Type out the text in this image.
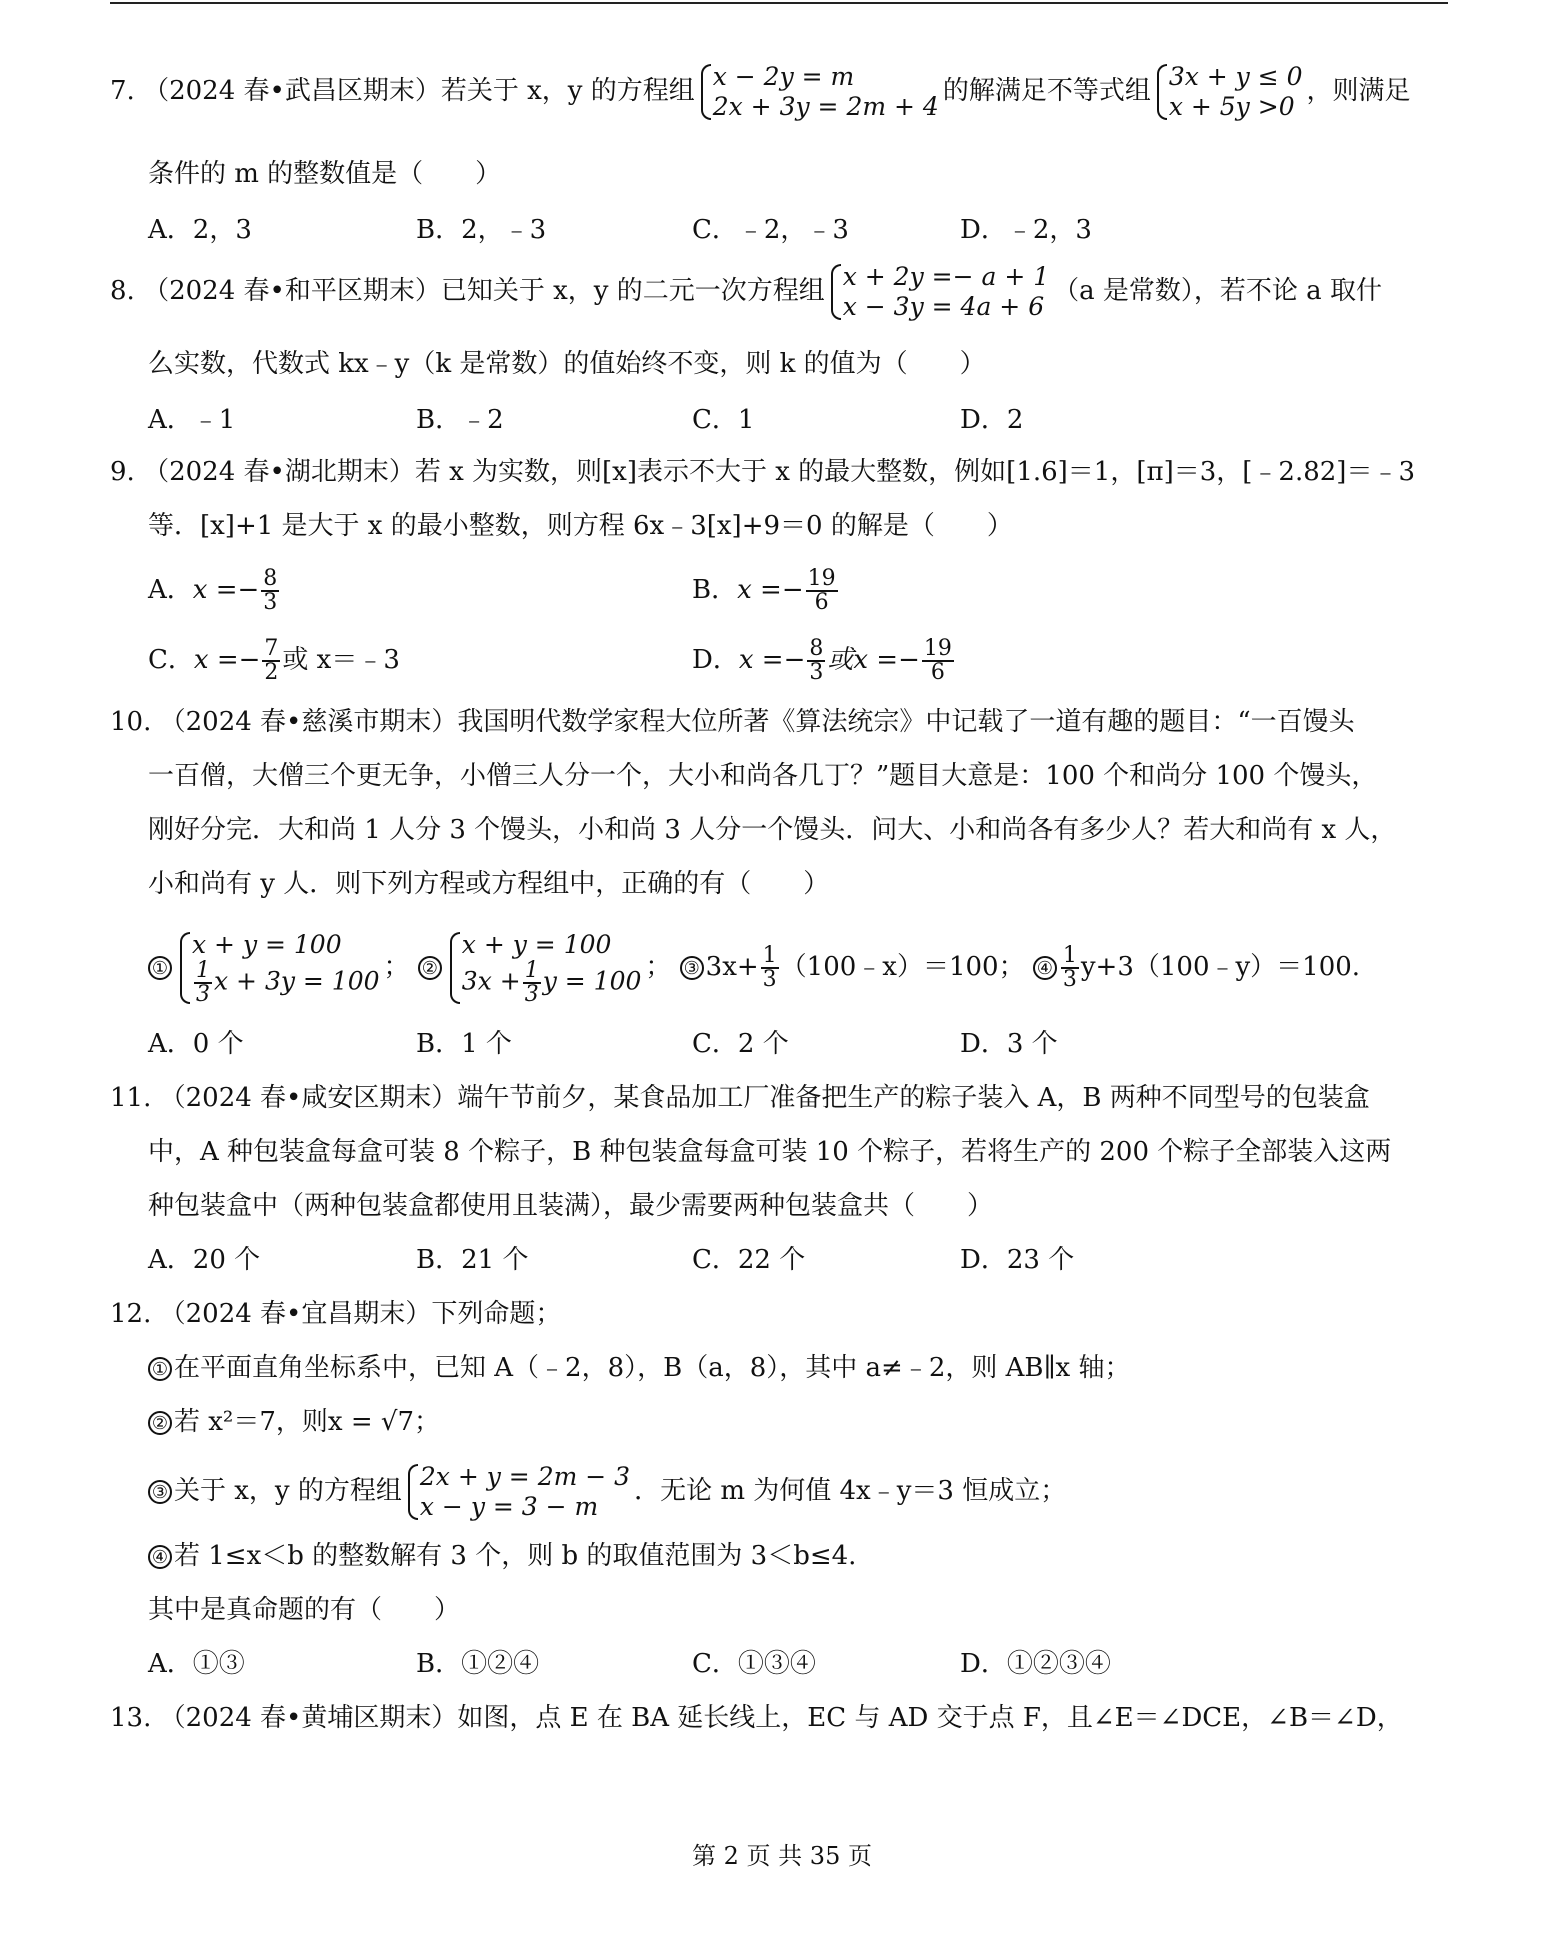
7. （2024 春•武昌区期末）若关于 x，y 的方程组 x − 2y = m
2x + 3y = 2m + 4
的解满足不等式组 3x + y ≤ 0
x + 5y >0
，则满足
条件的 m 的整数值是（　　）
A．2，3	B．2，﹣3	C．﹣2，﹣3	D．﹣2，3
8. （2024 春•和平区期末）已知关于 x，y 的二元一次方程组 x + 2y =− a + 1
x − 3y = 4a + 6
（a 是常数），若不论 a 取什
么实数，代数式 kx﹣y（k 是常数）的值始终不变，则 k 的值为（　　）
A．﹣1	B．﹣2	C．1	D．2
9. （2024 春•湖北期末）若 x 为实数，则[x]表示不大于 x 的最大整数，例如[1.6]＝1，[π]＝3，[﹣2.82]＝﹣3
等．[x]+1 是大于 x 的最小整数，则方程 6x﹣3[x]+9＝0 的解是（　　）
A．$x =- \frac{8}{3}$	B．$x =- \frac{19}{6}$
C．$x =- \frac{7}{2}$ 或 x＝﹣3	D．$x =- \frac{8}{3}$ 或$x =- \frac{19}{6}$
10. （2024 春•慈溪市期末）我国明代数学家程大位所著《算法统宗》中记载了一道有趣的题目：“一百馒头
一百僧，大僧三个更无争，小僧三人分一个，大小和尚各几丁？”题目大意是：100 个和尚分 100 个馒头，
刚好分完．大和尚 1 人分 3 个馒头，小和尚 3 人分一个馒头．问大、小和尚各有多少人？若大和尚有 x 人，
小和尚有 y 人．则下列方程或方程组中，正确的有（　　）
①
x + y = 100
$\frac{1}{3}$ x + 3y = 100 ； ②
x + y = 100
$3x + \frac{1}{3}$ y = 100 ； ③ $3x+ \frac{1}{3}$ （100﹣x）＝100； ④ $\frac{1}{3}$ y+3（100﹣y）＝100.
A．0 个	B．1 个	C．2 个	D．3 个
11. （2024 春•咸安区期末）端午节前夕，某食品加工厂准备把生产的粽子装入 A，B 两种不同型号的包装盒
中，A 种包装盒每盒可装 8 个粽子，B 种包装盒每盒可装 10 个粽子，若将生产的 200 个粽子全部装入这两
种包装盒中（两种包装盒都使用且装满），最少需要两种包装盒共（　　）
A．20 个	B．21 个	C．22 个	D．23 个
12. （2024 春•宜昌期末）下列命题；
① 在平面直角坐标系中，已知 A（﹣2，8），B（a，8），其中 a≠﹣2，则 AB∥x 轴；
② 若 x²＝7，则x = √7；
③ 关于 x，y 的方程组 2x + y = 2m − 3
x − y = 3 − m
．无论 m 为何值 4x﹣y＝3 恒成立；
④ 若 1≤x＜b 的整数解有 3 个，则 b 的取值范围为 3＜b≤4.
其中是真命题的有（　　）
A．①③	B．①②④	C．①③④	D．①②③④
13. （2024 春•黄埔区期末）如图，点 E 在 BA 延长线上，EC 与 AD 交于点 F，且∠E＝∠DCE，∠B＝∠D，
第 2 页 共 35 页
